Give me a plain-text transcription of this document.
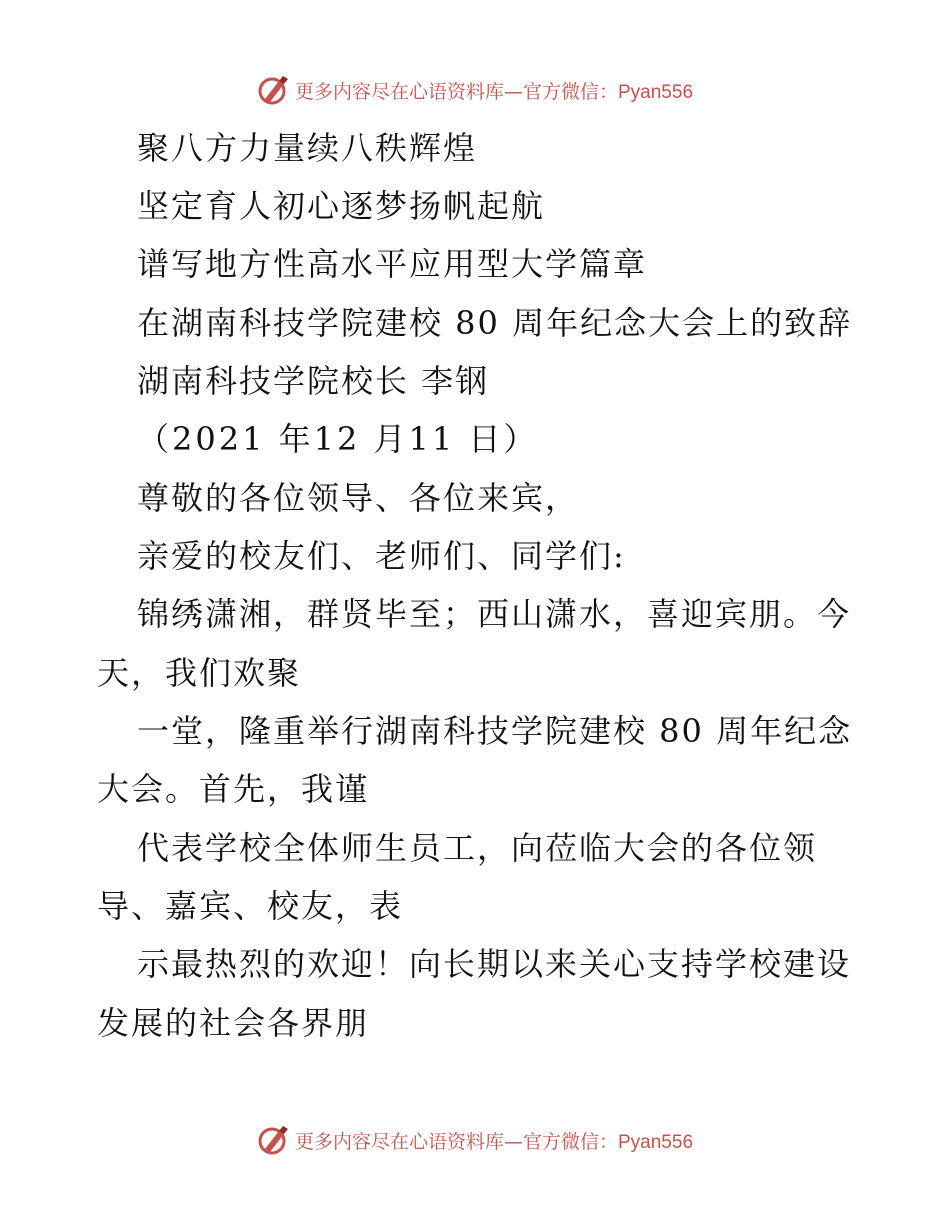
更多内容尽在心语资料库—官方微信：Pyan556
聚八方力量续八秩辉煌
坚定育人初心逐梦扬帆起航
谱写地方性高水平应用型大学篇章
在湖南科技学院建校 80 周年纪念大会上的致辞
湖南科技学院校长 李钢
（2021 年12 月11 日）
尊敬的各位领导、各位来宾，
亲爱的校友们、老师们、同学们:
锦绣潇湘，群贤毕至；西山潇水，喜迎宾朋。今
天，我们欢聚
一堂，隆重举行湖南科技学院建校 80 周年纪念
大会。首先，我谨
代表学校全体师生员工，向莅临大会的各位领
导、嘉宾、校友，表
示最热烈的欢迎！向长期以来关心支持学校建设
发展的社会各界朋
更多内容尽在心语资料库—官方微信：Pyan556
